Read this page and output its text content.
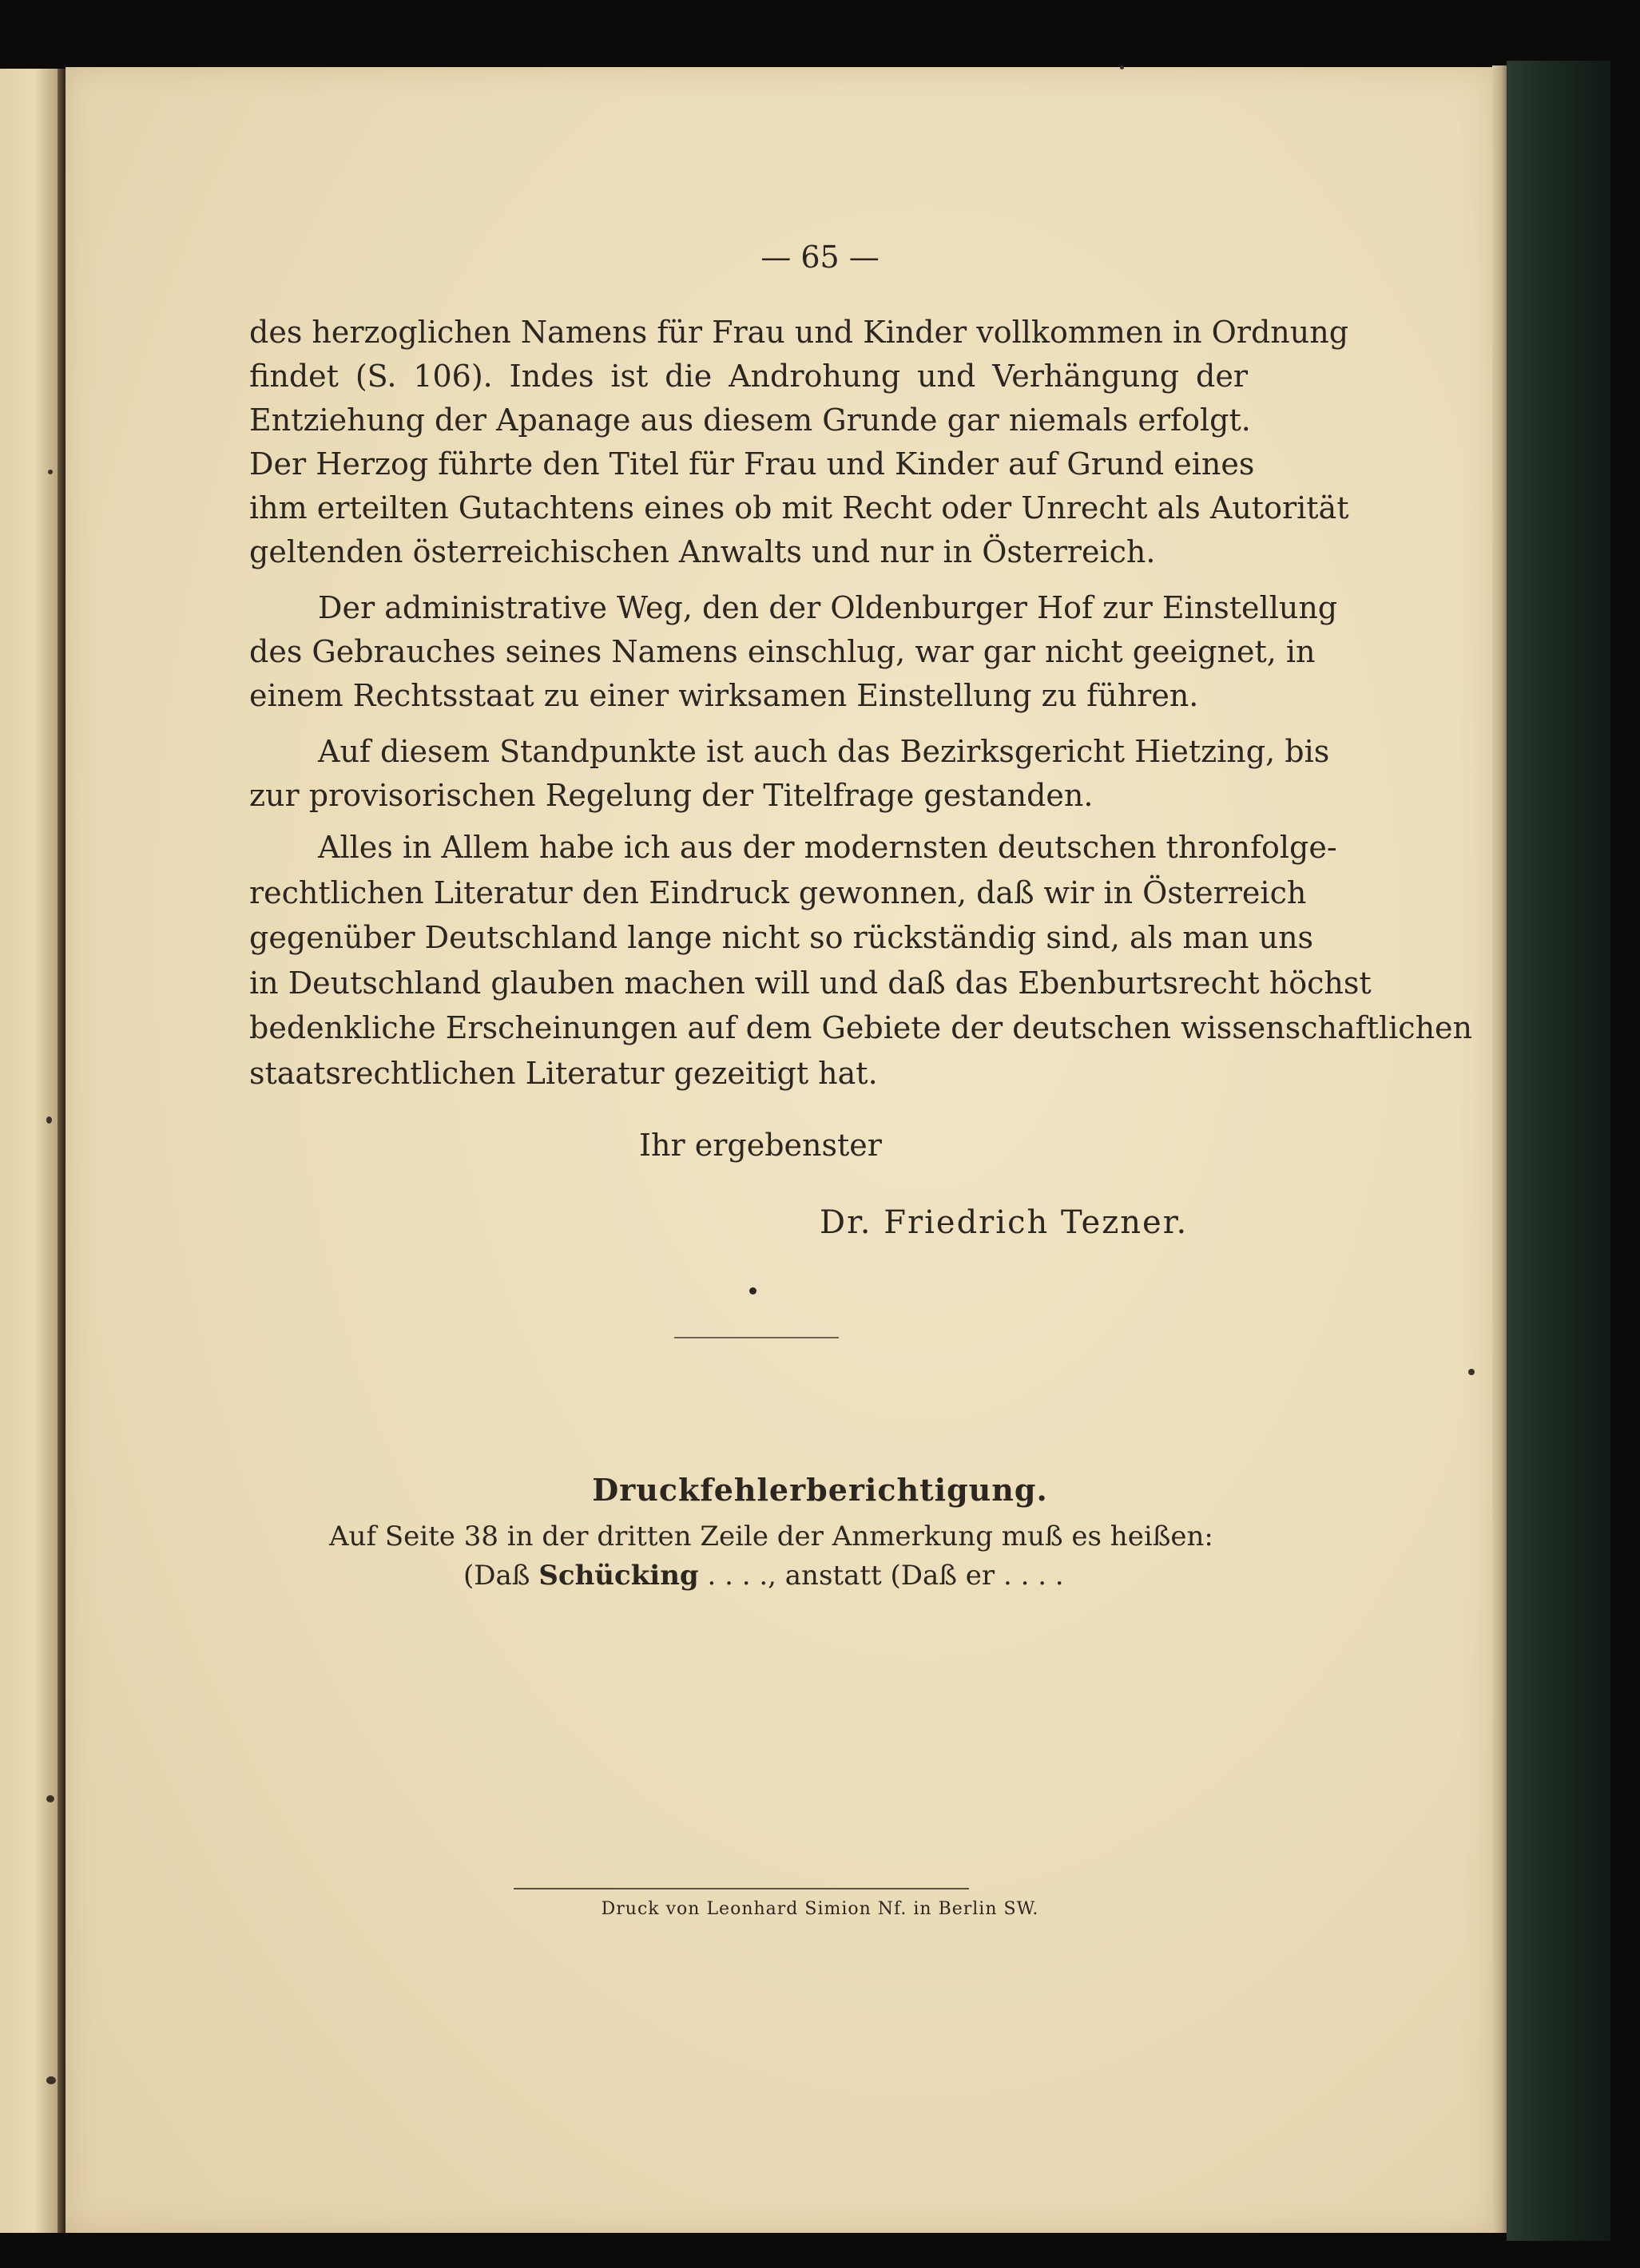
— 65 —
des herzoglichen Namens für Frau und Kinder vollkommen in Ordnung
findet (S. 106). Indes ist die Androhung und Verhängung der
Entziehung der Apanage aus diesem Grunde gar niemals erfolgt.
Der Herzog führte den Titel für Frau und Kinder auf Grund eines
ihm erteilten Gutachtens eines ob mit Recht oder Unrecht als Autorität
geltenden österreichischen Anwalts und nur in Österreich.
Der administrative Weg, den der Oldenburger Hof zur Einstellung
des Gebrauches seines Namens einschlug, war gar nicht geeignet, in
einem Rechtsstaat zu einer wirksamen Einstellung zu führen.
Auf diesem Standpunkte ist auch das Bezirksgericht Hietzing, bis
zur provisorischen Regelung der Titelfrage gestanden.
Alles in Allem habe ich aus der modernsten deutschen thronfolge-
rechtlichen Literatur den Eindruck gewonnen, daß wir in Österreich
gegenüber Deutschland lange nicht so rückständig sind, als man uns
in Deutschland glauben machen will und daß das Ebenburtsrecht höchst
bedenkliche Erscheinungen auf dem Gebiete der deutschen wissenschaftlichen
staatsrechtlichen Literatur gezeitigt hat.
Ihr ergebenster
Dr. Friedrich Tezner.
Druckfehlerberichtigung.
Auf Seite 38 in der dritten Zeile der Anmerkung muß es heißen:
(Daß Schücking . . . ., anstatt (Daß er . . . .
Druck von Leonhard Simion Nf. in Berlin SW.
